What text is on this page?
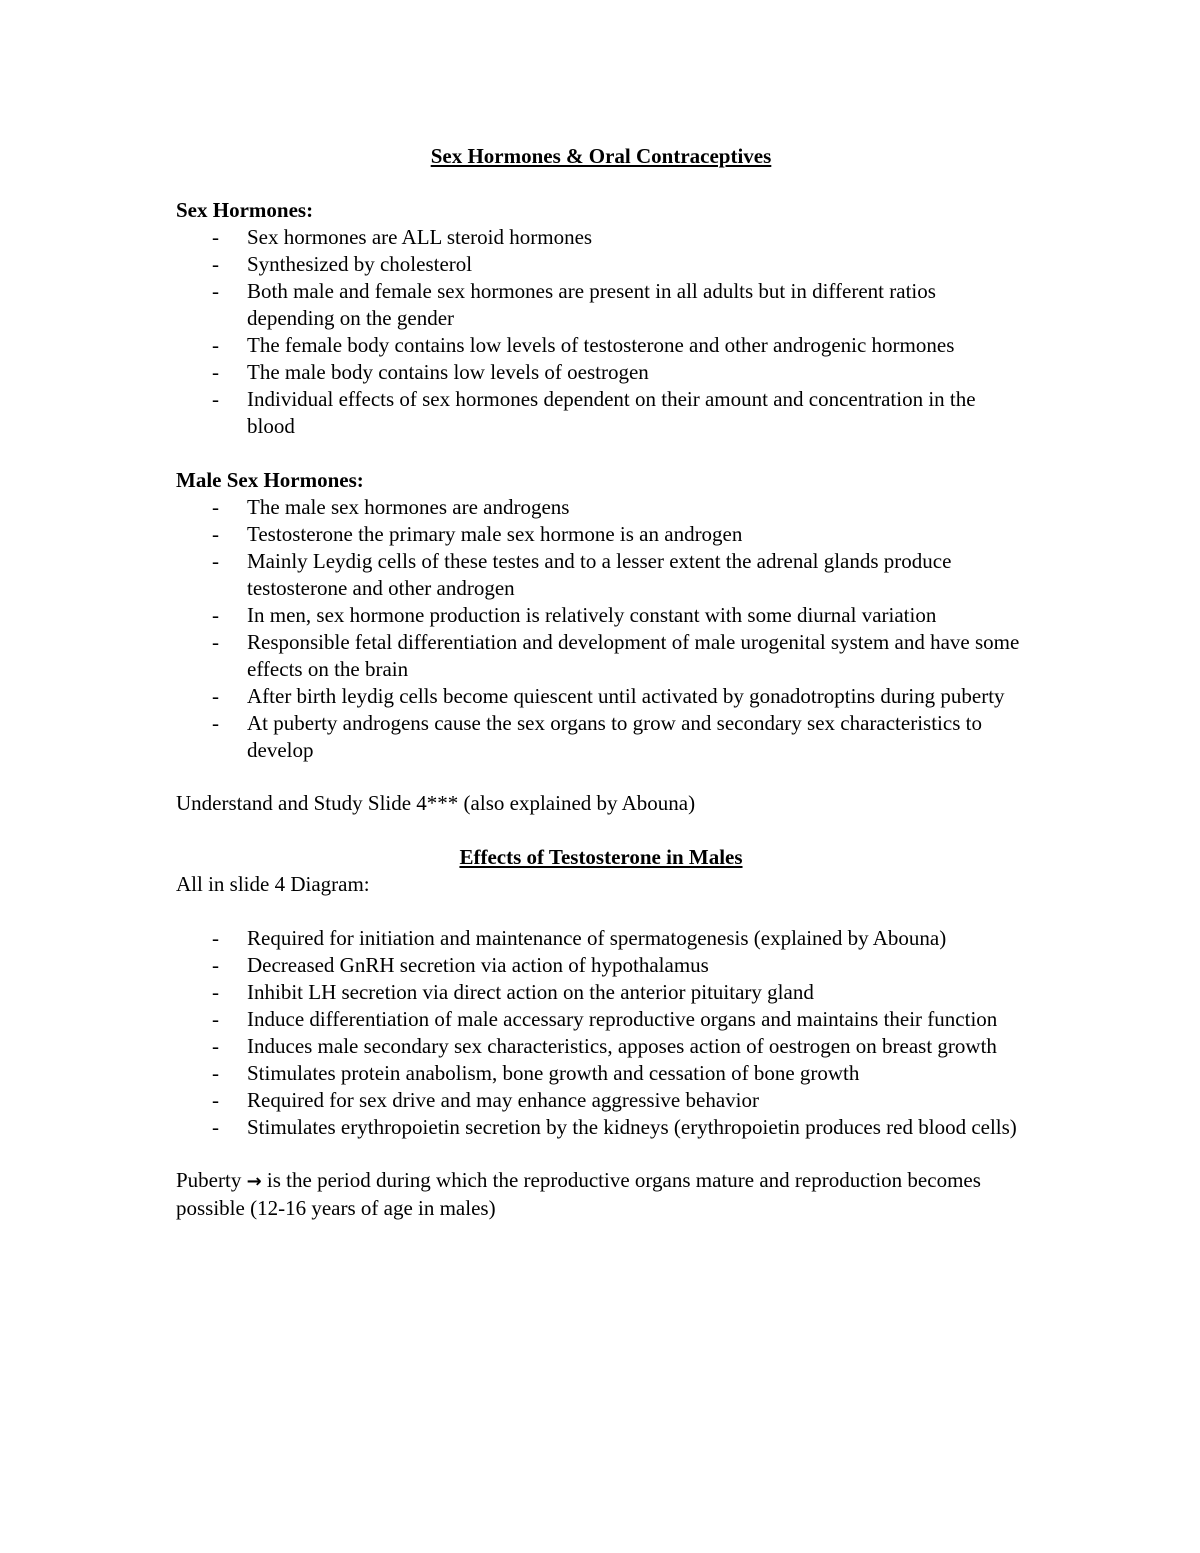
Sex Hormones & Oral Contraceptives

Sex Hormones:

- Sex hormones are ALL steroid hormones
- Synthesized by cholesterol
- Both male and female sex hormones are present in all adults but in different ratios depending on the gender
- The female body contains low levels of testosterone and other androgenic hormones
- The male body contains low levels of oestrogen
- Individual effects of sex hormones dependent on their amount and concentration in the blood

Male Sex Hormones:

- The male sex hormones are androgens
- Testosterone the primary male sex hormone is an androgen
- Mainly Leydig cells of these testes and to a lesser extent the adrenal glands produce testosterone and other androgen
- In men, sex hormone production is relatively constant with some diurnal variation
- Responsible fetal differentiation and development of male urogenital system and have some effects on the brain
- After birth leydig cells become quiescent until activated by gonadotroptins during puberty
- At puberty androgens cause the sex organs to grow and secondary sex characteristics to develop

Understand and Study Slide 4*** (also explained by Abouna)

Effects of Testosterone in Males

All in slide 4 Diagram:

- Required for initiation and maintenance of spermatogenesis (explained by Abouna)
- Decreased GnRH secretion via action of hypothalamus
- Inhibit LH secretion via direct action on the anterior pituitary gland
- Induce differentiation of male accessary reproductive organs and maintains their function
- Induces male secondary sex characteristics, apposes action of oestrogen on breast growth
- Stimulates protein anabolism, bone growth and cessation of bone growth
- Required for sex drive and may enhance aggressive behavior
- Stimulates erythropoietin secretion by the kidneys (erythropoietin produces red blood cells)

Puberty → is the period during which the reproductive organs mature and reproduction becomes possible (12-16 years of age in males)
